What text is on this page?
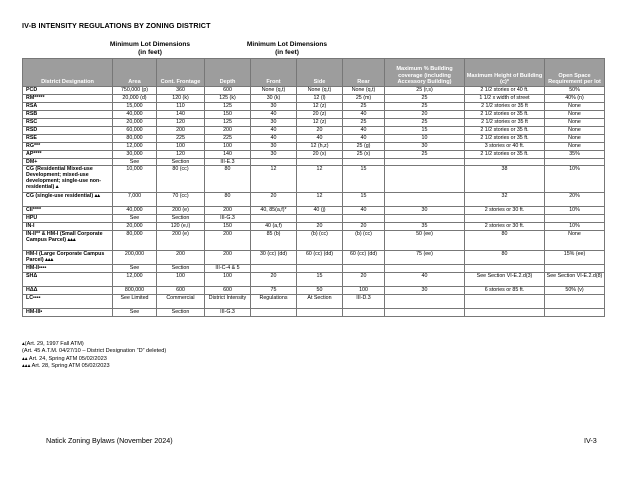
IV-B INTENSITY REGULATIONS BY ZONING DISTRICT
Minimum Lot Dimensions
(in feet)
Minimum Lot Dimensions
(in feet)
District Designation	Area	Cont. Frontage	Depth	Front	Side	Rear	Maximum % Building coverage (including Accessory Building)	Maximum Height of Building (c)*	Open Space Requirement per lot
PCD	750,000 (p)	360	600	None (q,t)	None (q,t)	None (q,t)	25 (r,s)	2 1/2 stories or 40 ft.	50%
RM*****	20,000 (d)	120 (k)	125 (k)	30 (k)	12 (l)	25 (m)	25	1 1/2 x width of street	40% (n)
RSA	15,000	110	125	30	12 (z)	25	25	2 1/2 stories or 35 ft	None
RSB	40,000	140	150	40	20 (z)	40	20	2 1/2 stories or 35 ft.	None
RSC	20,000	120	125	30	12 (z)	25	25	2 1/2 stories or 35 ft	None
RSD	60,000	200	200	40	20	40	15	2 1/2 stories or 35 ft.	None
RSE	80,000	225	225	40	40	40	10	2 1/2 stories or 35 ft.	None
RG***	12,000	100	100	30	12 (h,z)	25 (g)	30	3 stories or 40 ft.	None
AP****	30,000	120	140	30	20 (x)	25 (x)	25	2 1/2 stories or 35 ft.	35%
DM+	See	Section	III-E.3						
CG (Residential Mixed-use Development; mixed-use development; single-use non-residential) ▴	10,000	80 (cc)	80	12	12	15		38	10%
CG (single-use residential) ▴▴	7,000	70 (cc)	80	20	12	15		32	20%
CII****	40,000	200 (e)	200	40, 85(a,f)*	40 (j)	40	30	2 stories or 30 ft.	10%
HPU	See	Section	III-G.3						
IN-I	20,000	120 (e,i)	150	40 (a,f)	20	20	35	2 stories or 30 ft.	10%
IN-II** & HM-I (Small Corporate Campus Parcel) ▴▴▴	80,000	200 (e)	200	85 (b)	(b) (cc)	(b) (cc)	50 (ee)	80	None
HM-I (Large Corporate Campus Parcel) ▴▴▴	200,000	200	200	30 (cc) (dd)	60 (cc) (dd)	60 (cc) (dd)	75 (ee)	80	15% (ee)
HM-II••••	See	Section	III-C-4 & 5						
SHΔ	12,000	100	100	20	15	20	40	See Section VI-E.2.d(3)	See Section VI-E.2.d(8)
HΔΔ	800,000	600	600	75	50	100	30	6 stories or 85 ft.	50% (v)
LC••••	See Limited	Commercial	District Intensity	Regulations	At Section	III-D.3			
HM-III•	See	Section	III-G.3						
▴(Art. 29, 1997 Fall ATM)
(Art. 45 A.T.M. 04/27/10 – District Designation “D” deleted)
▴▴ Art. 24, Spring ATM 05/02/2023
▴▴▴ Art. 28, Spring ATM 05/02/2023
Natick Zoning Bylaws (November 2024)	IV-3
